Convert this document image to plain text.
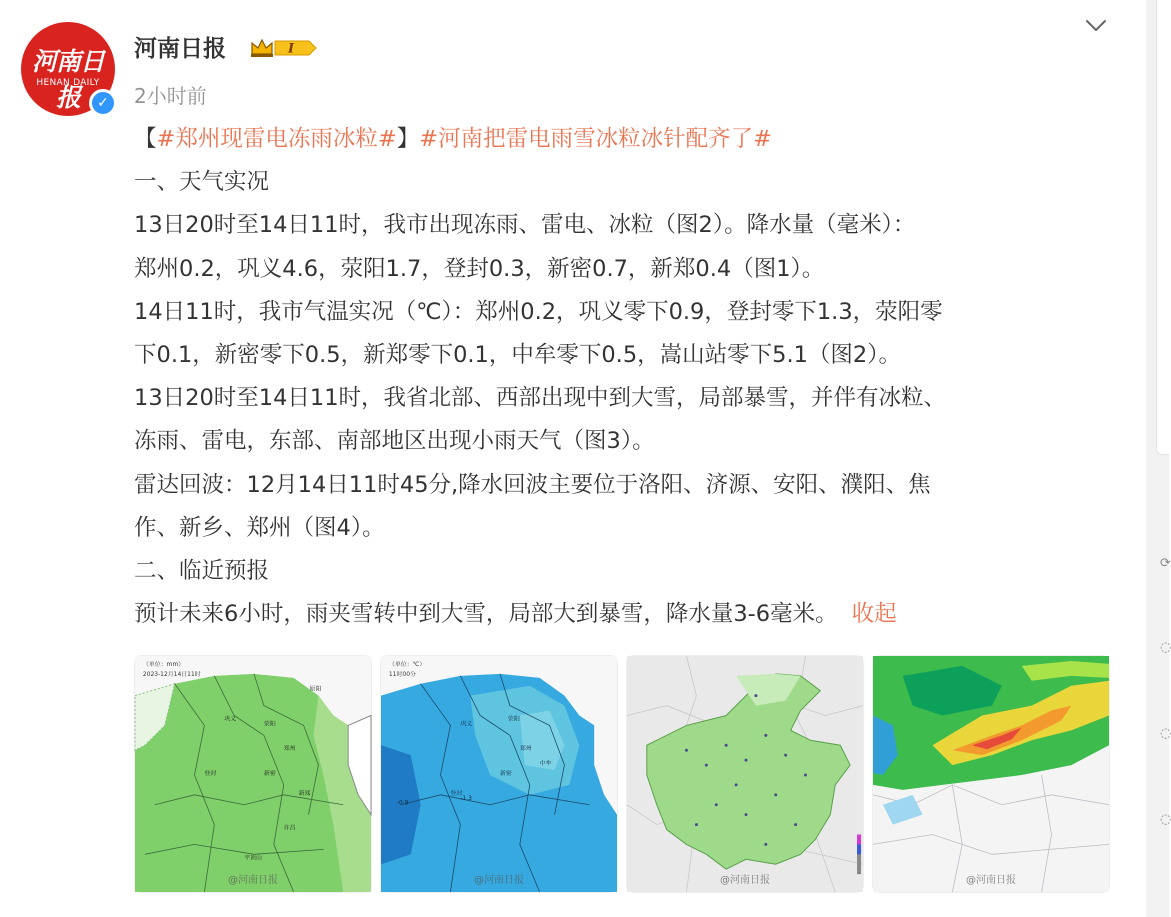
河南日报
HENAN DAILY
✓
河南日报	I
2小时前
【#郑州现雷电冻雨冰粒#】#河南把雷电雨雪冰粒冰针配齐了#
一、天气实况
13日20时至14日11时，我市出现冻雨、雷电、冰粒（图2）。降水量（毫米）：
郑州0.2，巩义4.6，荥阳1.7，登封0.3，新密0.7，新郑0.4（图1）。
14日11时，我市气温实况（℃）：郑州0.2，巩义零下0.9，登封零下1.3，荥阳零
下0.1，新密零下0.5，新郑零下0.1，中牟零下0.5，嵩山站零下5.1（图2）。
13日20时至14日11时，我省北部、西部出现中到大雪，局部暴雪，并伴有冰粒、
冻雨、雷电，东部、南部地区出现小雨天气（图3）。
雷达回波：12月14日11时45分,降水回波主要位于洛阳、济源、安阳、濮阳、焦
作、新乡、郑州（图4）。
二、临近预报
预计未来6小时，雨夹雪转中到大雪，局部大到暴雪，降水量3-6毫米。 收起
巩义
荥阳
郑州
登封	新密
新郑
许昌
平顶山
原阳
（单位：mm）
2023-12月14日11时
@河南日报
巩义
荥阳
郑州
登封
新密
中牟
-0.9
-1.3
（单位：℃）
11时00分
@河南日报	@河南日报	@河南日报
⟳
◌
◌
◌
